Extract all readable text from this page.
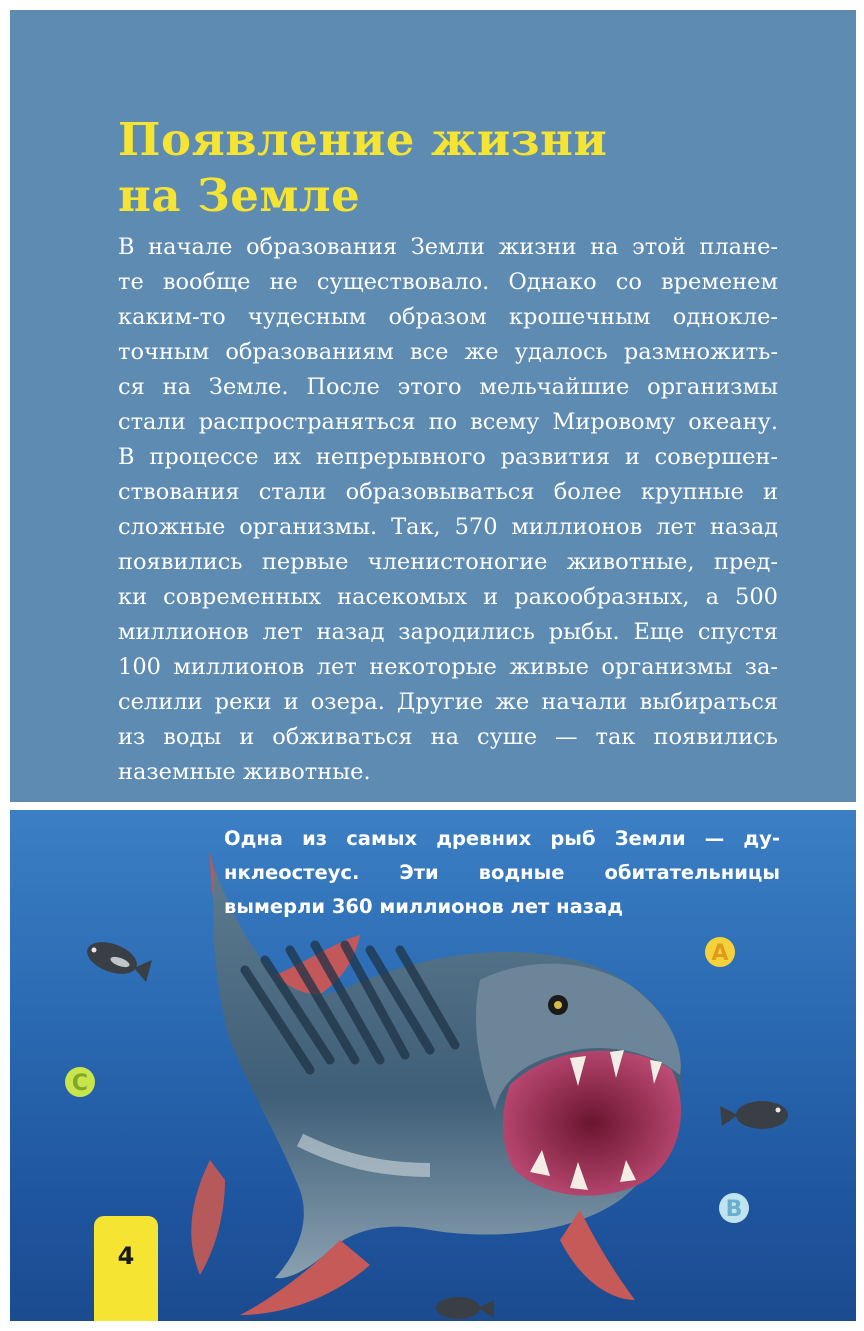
Появление жизни
на Земле
В начале образования Земли жизни на этой плане-
те вообще не существовало. Однако со временем
каким-то чудесным образом крошечным однокле-
точным образованиям все же удалось размножить-
ся на Земле. После этого мельчайшие организмы
стали распространяться по всему Мировому океану.
В процессе их непрерывного развития и совершен-
ствования стали образовываться более крупные и
сложные организмы. Так, 570 миллионов лет назад
появились первые членистоногие животные, пред-
ки современных насекомых и ракообразных, а 500
миллионов лет назад зародились рыбы. Еще спустя
100 миллионов лет некоторые живые организмы за-
селили реки и озера. Другие же начали выбираться
из воды и обживаться на суше — так появились
наземные животные.
А
С
В
Одна из самых древних рыб Земли — ду-
нклеостеус. Эти водные обитательницы
вымерли 360 миллионов лет назад
4
